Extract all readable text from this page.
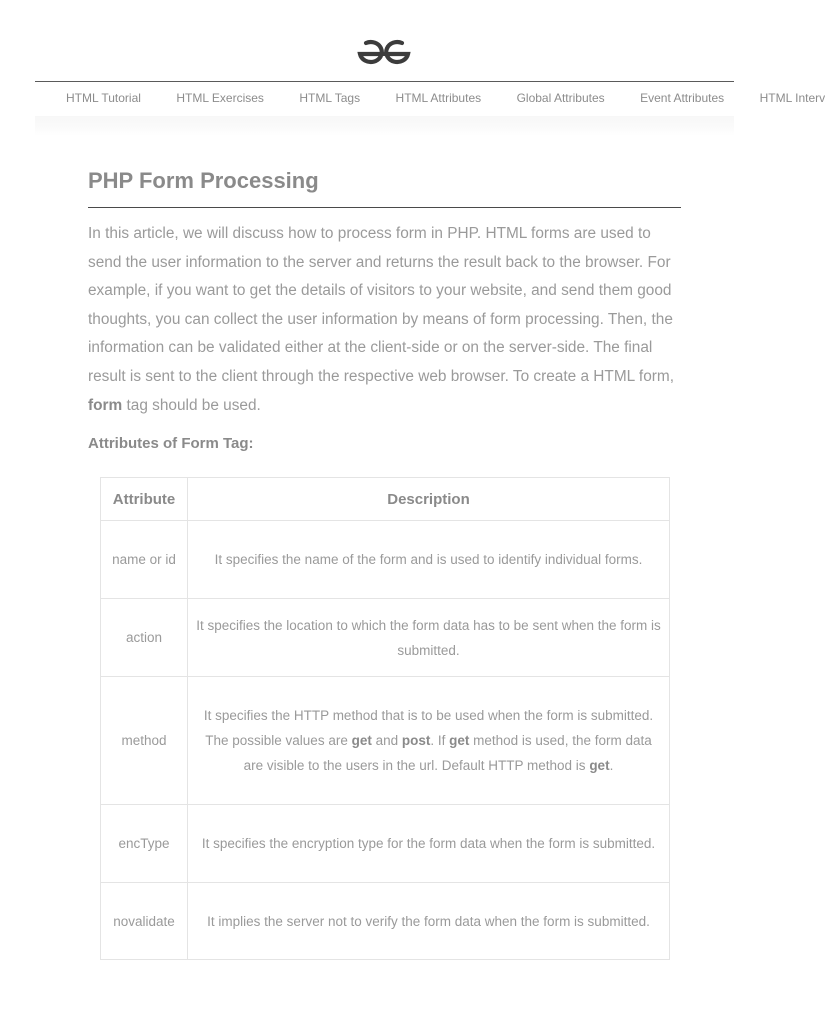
HTML Tutorial	HTML Exercises	HTML Tags	HTML Attributes	Global Attributes	Event Attributes	HTML Interv
PHP Form Processing

In this article, we will discuss how to process form in PHP. HTML forms are used to send the user information to the server and returns the result back to the browser. For example, if you want to get the details of visitors to your website, and send them good thoughts, you can collect the user information by means of form processing. Then, the information can be validated either at the client-side or on the server-side. The final result is sent to the client through the respective web browser. To create a HTML form, form tag should be used.

Attributes of Form Tag:

Attribute	Description
name or id	It specifies the name of the form and is used to identify individual forms.
action	It specifies the location to which the form data has to be sent when the form is submitted.
method	It specifies the HTTP method that is to be used when the form is submitted. The possible values are get and post. If get method is used, the form data are visible to the users in the url. Default HTTP method is get.
encType	It specifies the encryption type for the form data when the form is submitted.
novalidate	It implies the server not to verify the form data when the form is submitted.
